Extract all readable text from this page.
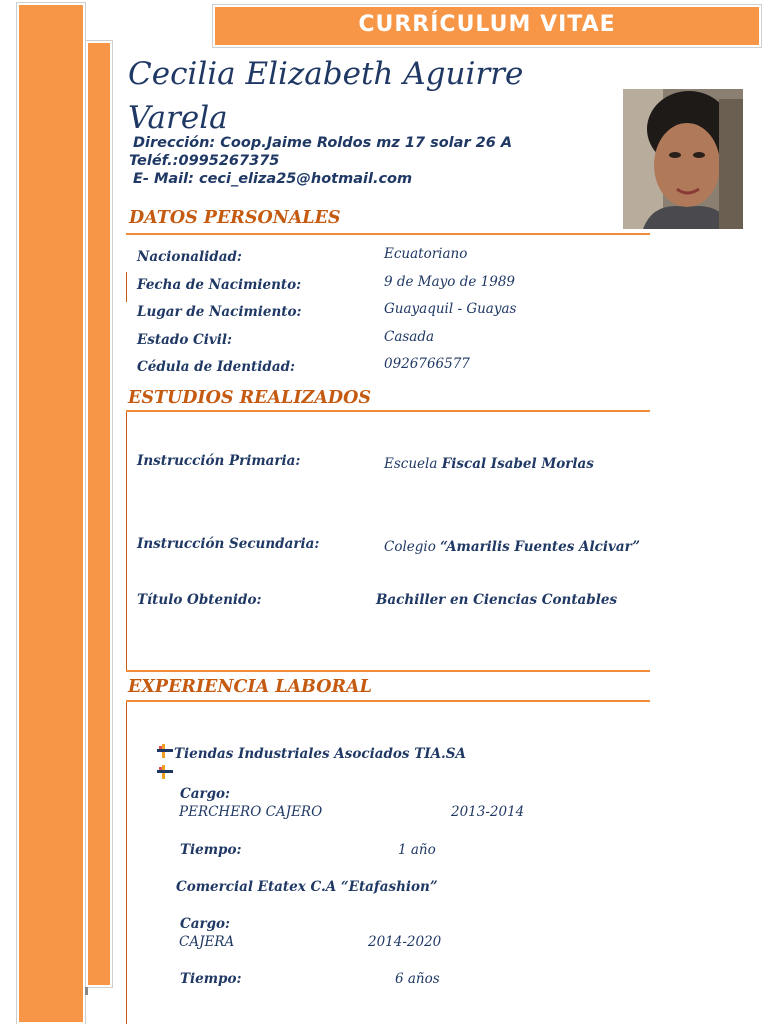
CURRÍCULUM VITAE
Cecilia Elizabeth Aguirre
Varela
Dirección: Coop.Jaime Roldos mz 17 solar 26 A
Teléf.:0995267375
E- Mail: ceci_eliza25@hotmail.com
DATOS PERSONALES
Nacionalidad:	Ecuatoriano
Fecha de Nacimiento:	9 de Mayo de 1989
Lugar de Nacimiento:	Guayaquil - Guayas
Estado Civil:	Casada
Cédula de Identidad:	0926766577
ESTUDIOS REALIZADOS
Instrucción Primaria:	Escuela Fiscal Isabel Morlas
Instrucción Secundaria:	Colegio “Amarilis Fuentes Alcivar”
Título Obtenido:	Bachiller en Ciencias Contables
EXPERIENCIA LABORAL
Tiendas Industriales Asociados TIA.SA
Cargo:
PERCHERO CAJERO	2013-2014
Tiempo:	1 año
Comercial Etatex C.A “Etafashion”
Cargo:
CAJERA	2014-2020
Tiempo:	6 años
